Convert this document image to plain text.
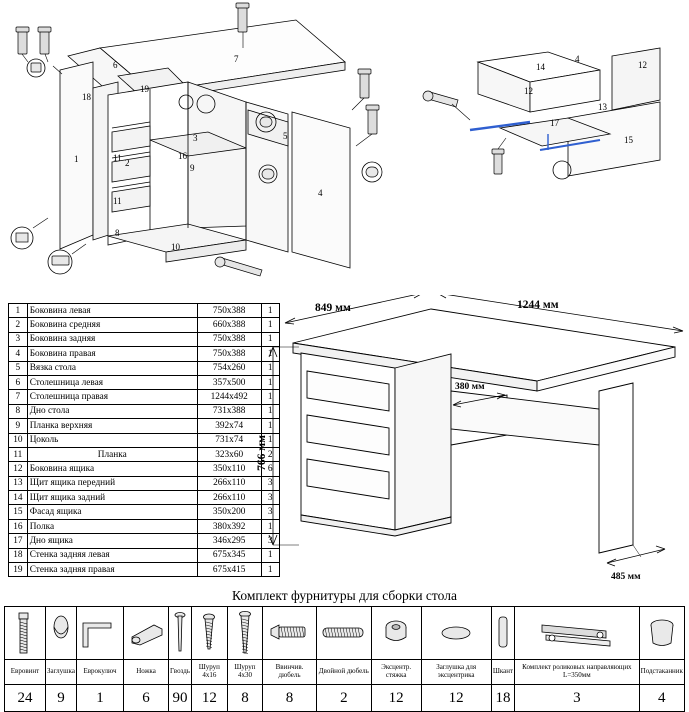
1	2
3
4
5
6
7
8
9
10
11
11
12
12
13
14
15
16
17
18
19
4
1	Боковина левая	750x388	1
2	Боковина средняя	660x388	1
3	Боковина задняя	750x388	1
4	Боковина правая	750x388	1
5	Вязка стола	754x260	1
6	Столешница левая	357x500	1
7	Столешница правая	1244x492	1
8	Дно стола	731x388	1
9	Планка верхняя	392x74	1
10	Цоколь	731x74	1
11	Планка	323x60	2
12	Боковина ящика	350x110	6
13	Щит ящика передний	266x110	3
14	Щит ящика задний	266x110	3
15	Фасад ящика	350x200	3
16	Полка	380x392	1
17	Дно ящика	346x295	3
18	Стенка задняя левая	675x345	1
19	Стенка задняя правая	675x415	1
849 мм	1244 мм
766 мм
380 мм
485 мм
Комплект фурнитуры для сборки стола

Евровинт	Заглушка	Еврокулюч	Ножка	Гвоздь	Шуруп 4х16	Шуруп 4х30	Ввинчив. дюбель	Двойной дюбель	Эксцентр. стяжка	Заглушка для эксцентрика	Шкант	Комплект роликовых направляющих L=350мм	Подстаканник
24	9	1	6	90	12	8	8	2	12	12	18	3	4
